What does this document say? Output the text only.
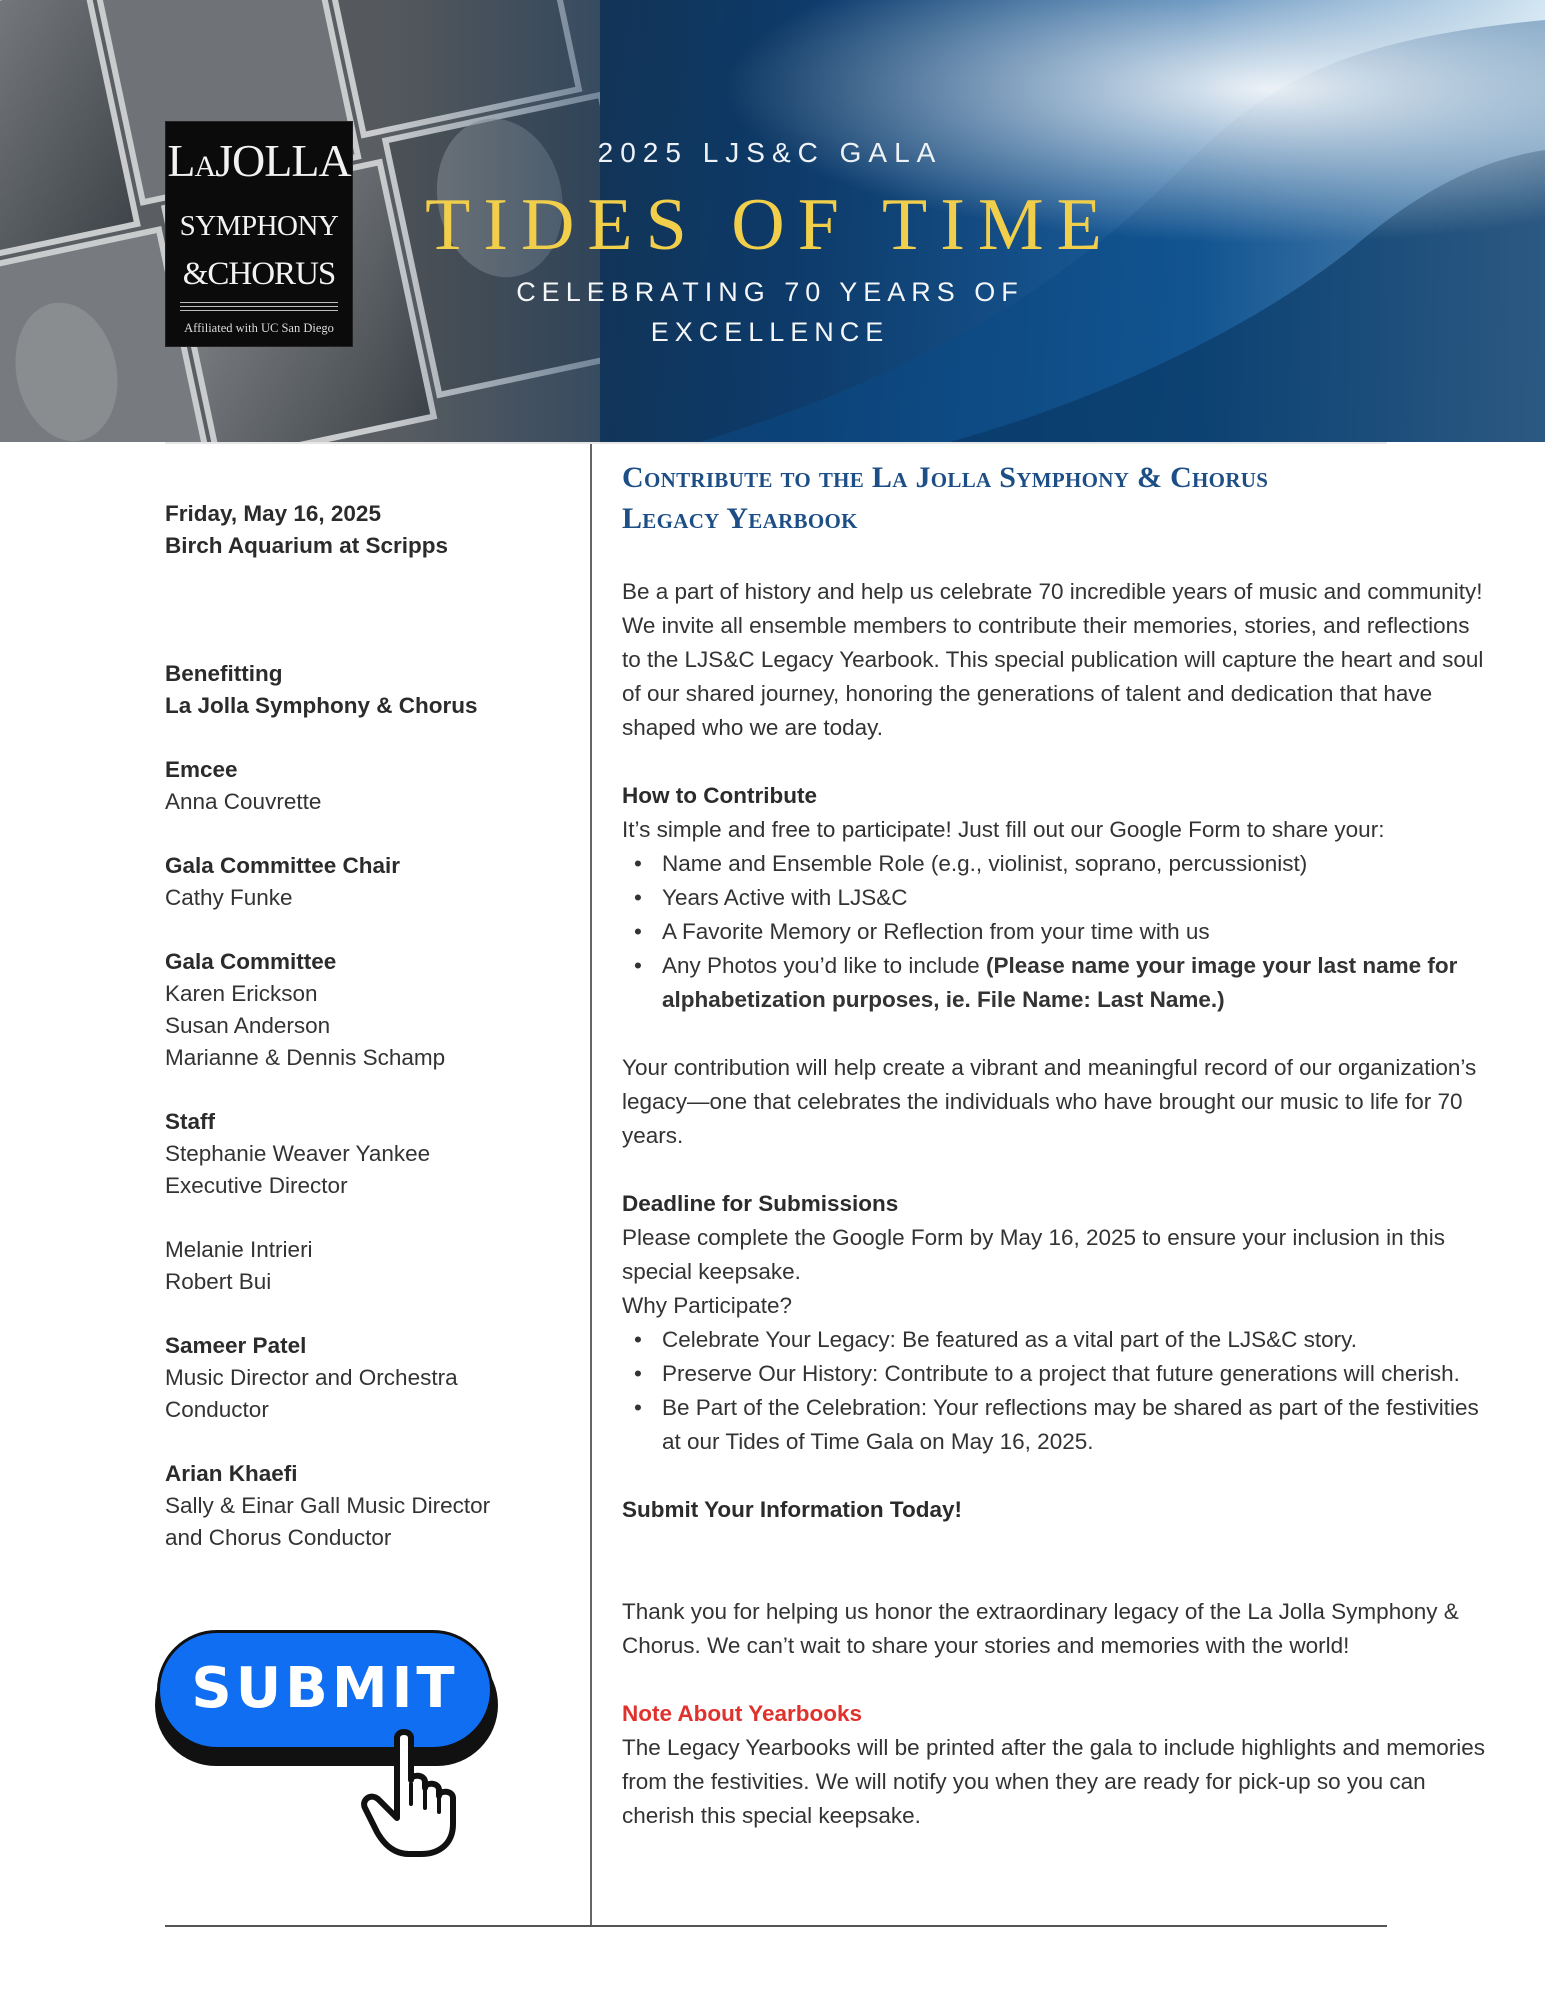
LAJOLLA
SYMPHONY
&CHORUS
Affiliated with UC San Diego
2025 LJS&C GALA
TIDES OF TIME
CELEBRATING 70 YEARS OF
EXCELLENCE
Friday, May 16, 2025
Birch Aquarium at Scripps
Benefitting
La Jolla Symphony & Chorus
Emcee
Anna Couvrette
Gala Committee Chair
Cathy Funke
Gala Committee
Karen Erickson
Susan Anderson
Marianne & Dennis Schamp
Staff
Stephanie Weaver Yankee
Executive Director
Melanie Intrieri
Robert Bui
Sameer Patel
Music Director and Orchestra
Conductor
Arian Khaefi
Sally & Einar Gall Music Director
and Chorus Conductor
SUBMIT
Contribute to the La Jolla Symphony & Chorus
Legacy Yearbook

Be a part of history and help us celebrate 70 incredible years of music and community! We invite all ensemble members to contribute their memories, stories, and reflections to the LJS&C Legacy Yearbook. This special publication will capture the heart and soul of our shared journey, honoring the generations of talent and dedication that have shaped who we are today.

How to Contribute

It’s simple and free to participate! Just fill out our Google Form to share your:

• Name and Ensemble Role (e.g., violinist, soprano, percussionist)
• Years Active with LJS&C
• A Favorite Memory or Reflection from your time with us
• Any Photos you’d like to include (Please name your image your last name for alphabetization purposes, ie. File Name: Last Name.)

Your contribution will help create a vibrant and meaningful record of our organization’s legacy—one that celebrates the individuals who have brought our music to life for 70 years.

Deadline for Submissions

Please complete the Google Form by May 16, 2025 to ensure your inclusion in this special keepsake.

Why Participate?

• Celebrate Your Legacy: Be featured as a vital part of the LJS&C story.
• Preserve Our History: Contribute to a project that future generations will cherish.
• Be Part of the Celebration: Your reflections may be shared as part of the festivities at our Tides of Time Gala on May 16, 2025.

Submit Your Information Today!

Thank you for helping us honor the extraordinary legacy of the La Jolla Symphony & Chorus. We can’t wait to share your stories and memories with the world!

Note About Yearbooks

The Legacy Yearbooks will be printed after the gala to include highlights and memories from the festivities. We will notify you when they are ready for pick-up so you can cherish this special keepsake.
